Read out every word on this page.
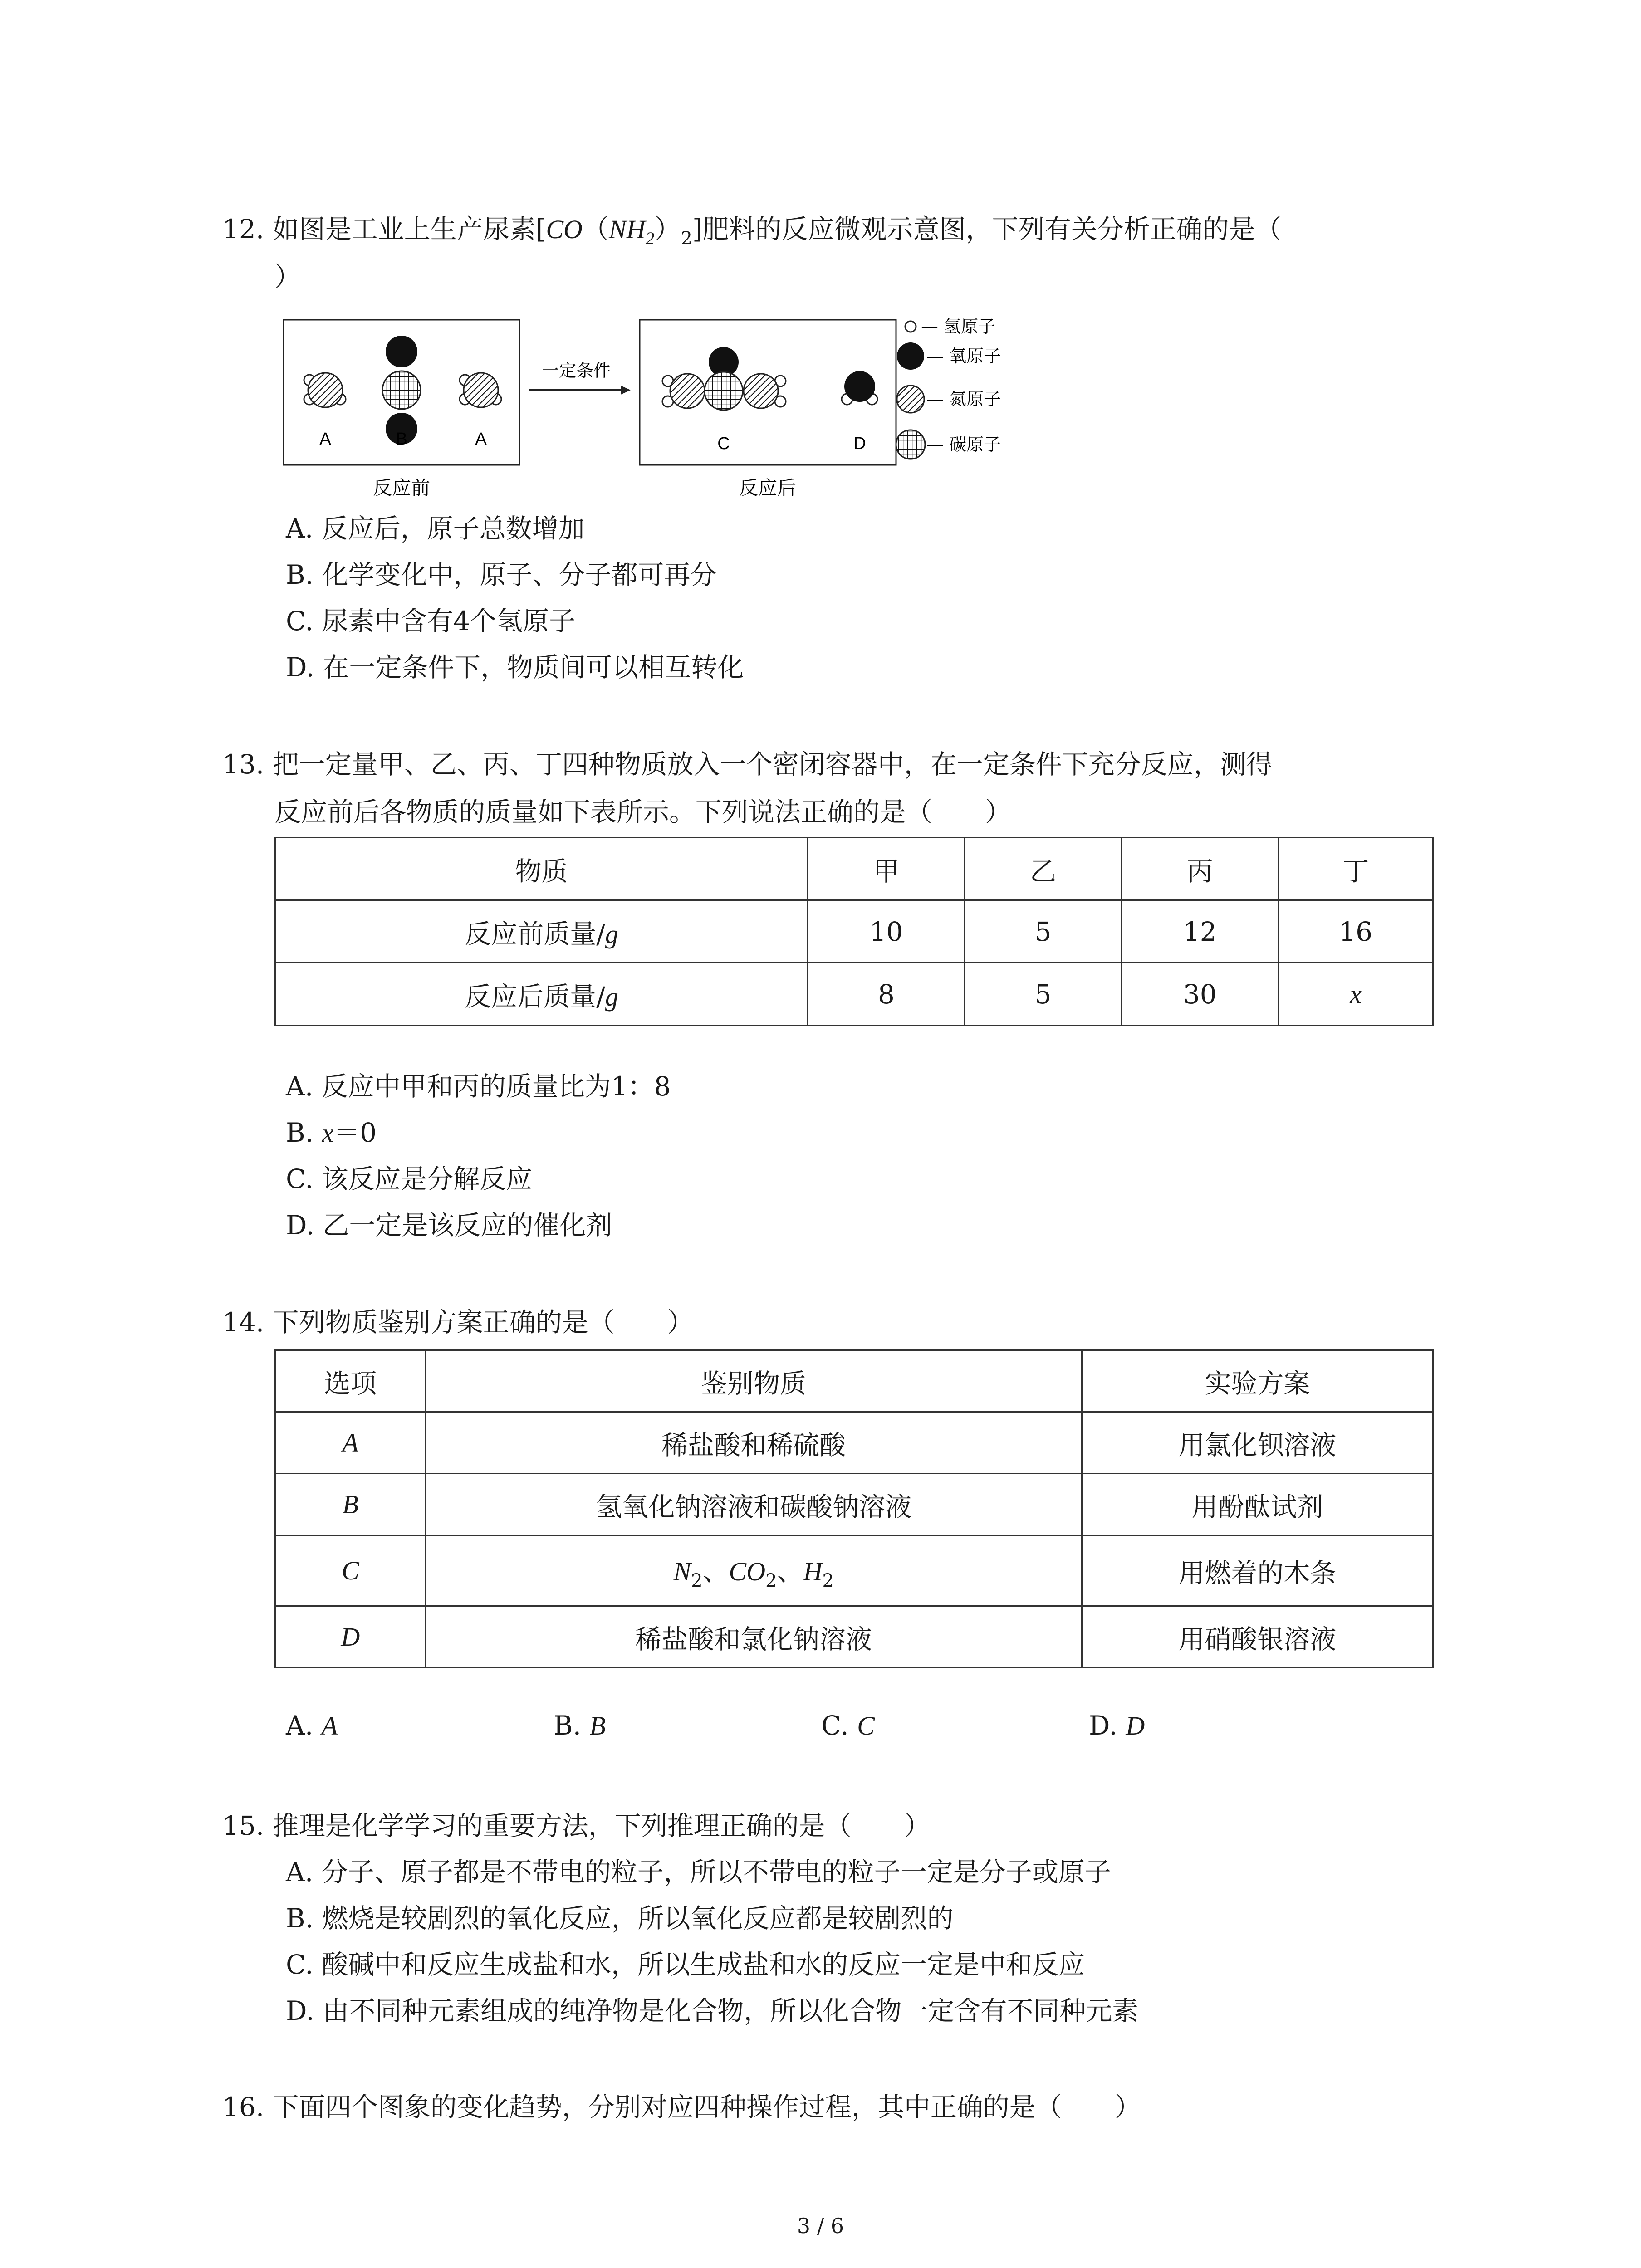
12. 如图是工业上生产尿素$[CO(NH_2)_2]$肥料的反应微观示意图，下列有关分析正确的是（
）
A	B	A
反应前
一定条件
C	D
反应后
— 氢原子
— 氧原子
— 氮原子
— 碳原子
A. 反应后，原子总数增加
B. 化学变化中，原子、分子都可再分
C. 尿素中含有4个氢原子
D. 在一定条件下，物质间可以相互转化
13. 把一定量甲、乙、丙、丁四种物质放入一个密闭容器中，在一定条件下充分反应，测得
反应前后各物质的质量如下表所示。下列说法正确的是（　　）
物质	甲	乙	丙	丁
反应前质量/g	10	5	12	16
反应后质量/g	8	5	30	x
A. 反应中甲和丙的质量比为1：8
B. x＝0
C. 该反应是分解反应
D. 乙一定是该反应的催化剂
14. 下列物质鉴别方案正确的是（　　）
选项	鉴别物质	实验方案
A	稀盐酸和稀硫酸	用氯化钡溶液
B	氢氧化钠溶液和碳酸钠溶液	用酚酞试剂
C	$N_2$、$CO_2$、$H_2$	用燃着的木条
D	稀盐酸和氯化钠溶液	用硝酸银溶液
A. A	B. B	C. C	D. D
15. 推理是化学学习的重要方法，下列推理正确的是（　　）
A. 分子、原子都是不带电的粒子，所以不带电的粒子一定是分子或原子
B. 燃烧是较剧烈的氧化反应，所以氧化反应都是较剧烈的
C. 酸碱中和反应生成盐和水，所以生成盐和水的反应一定是中和反应
D. 由不同种元素组成的纯净物是化合物，所以化合物一定含有不同种元素
16. 下面四个图象的变化趋势，分别对应四种操作过程，其中正确的是（　　）
3 / 6
